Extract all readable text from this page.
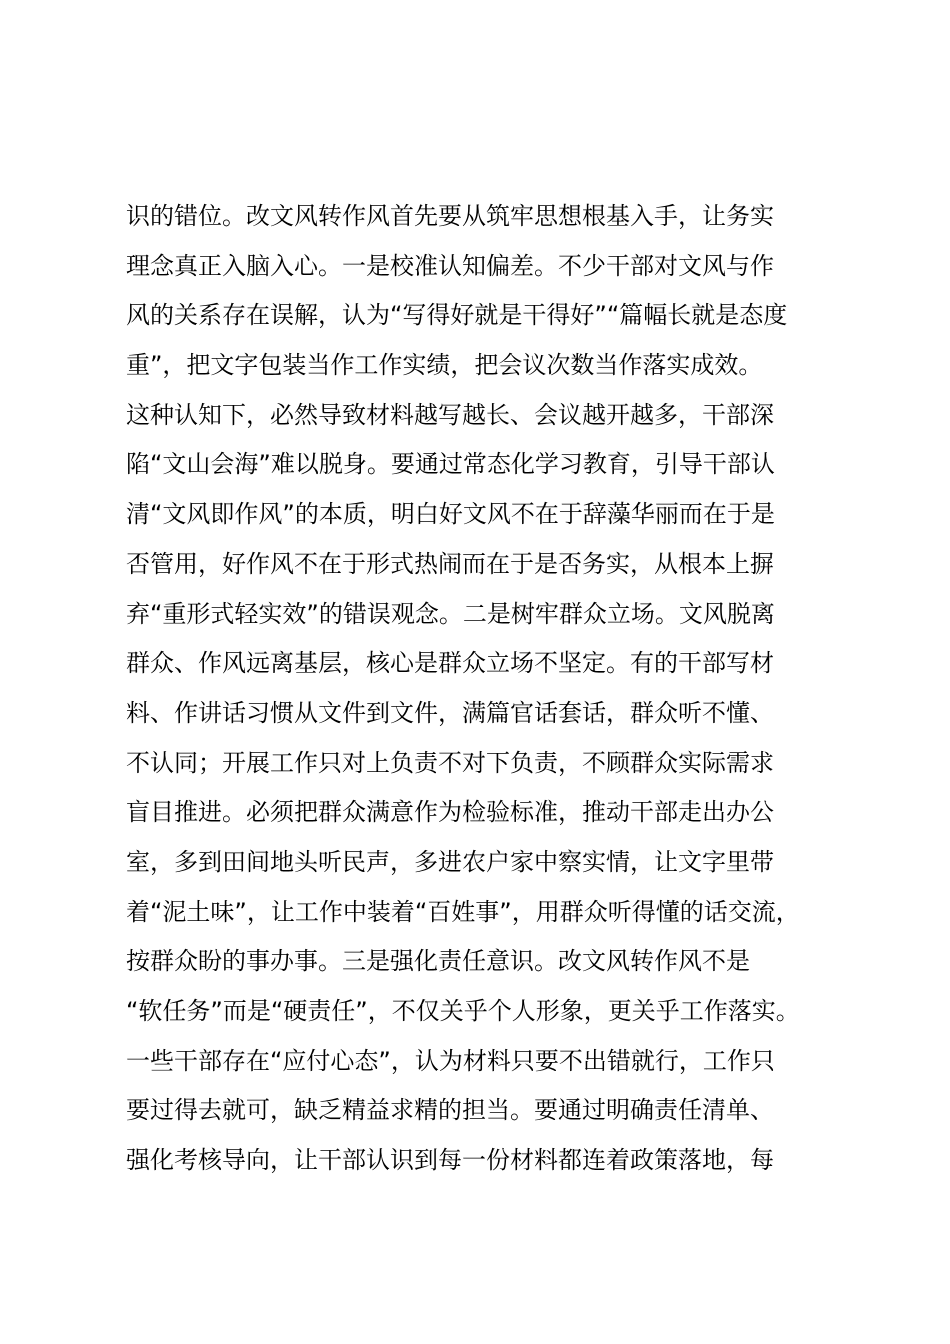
识的错位。改文风转作风首先要从筑牢思想根基入手，让务实
理念真正入脑入心。一是校准认知偏差。不少干部对文风与作
风的关系存在误解，认为“写得好就是干得好”“篇幅长就是态度
重”，把文字包装当作工作实绩，把会议次数当作落实成效。
这种认知下，必然导致材料越写越长、会议越开越多，干部深
陷“文山会海”难以脱身。要通过常态化学习教育，引导干部认
清“文风即作风”的本质，明白好文风不在于辞藻华丽而在于是
否管用，好作风不在于形式热闹而在于是否务实，从根本上摒
弃“重形式轻实效”的错误观念。二是树牢群众立场。文风脱离
群众、作风远离基层，核心是群众立场不坚定。有的干部写材
料、作讲话习惯从文件到文件，满篇官话套话，群众听不懂、
不认同；开展工作只对上负责不对下负责，不顾群众实际需求
盲目推进。必须把群众满意作为检验标准，推动干部走出办公
室，多到田间地头听民声，多进农户家中察实情，让文字里带
着“泥土味”，让工作中装着“百姓事”，用群众听得懂的话交流，
按群众盼的事办事。三是强化责任意识。改文风转作风不是
“软任务”而是“硬责任”，不仅关乎个人形象，更关乎工作落实。
一些干部存在“应付心态”，认为材料只要不出错就行，工作只
要过得去就可，缺乏精益求精的担当。要通过明确责任清单、
强化考核导向，让干部认识到每一份材料都连着政策落地，每
